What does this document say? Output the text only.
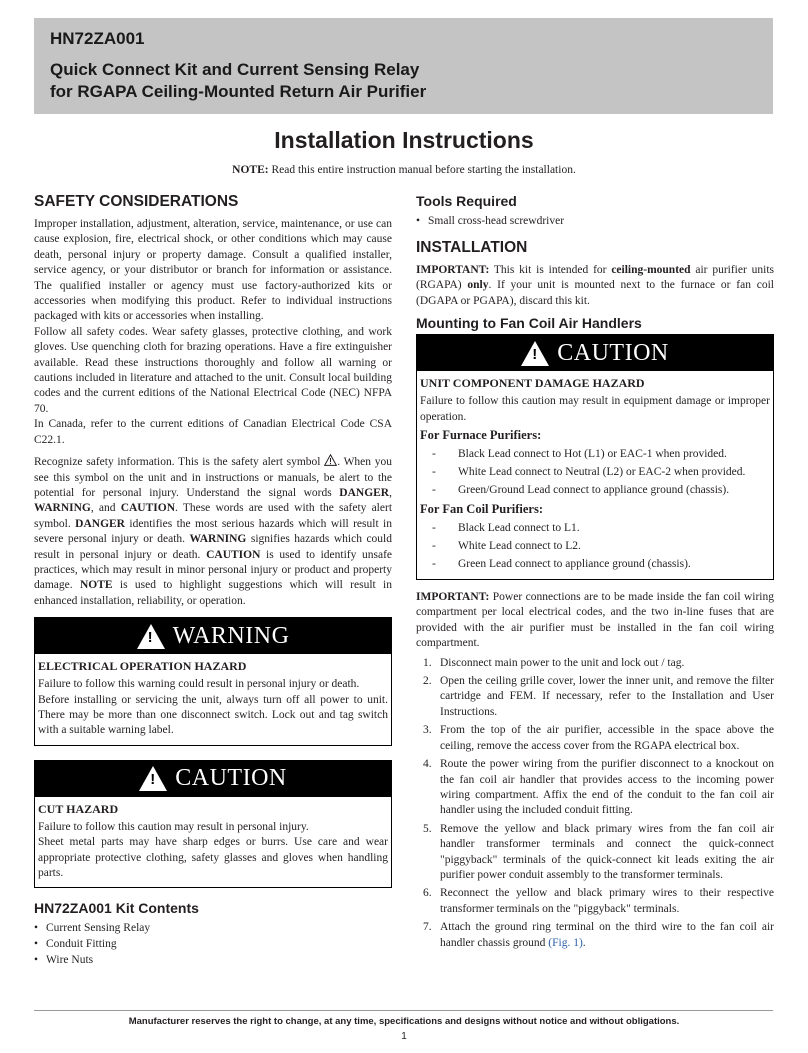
HN72ZA001
Quick Connect Kit and Current Sensing Relay
for RGAPA Ceiling-Mounted Return Air Purifier
Installation Instructions
NOTE: Read this entire instruction manual before starting the installation.
SAFETY CONSIDERATIONS

Improper installation, adjustment, alteration, service, maintenance, or use can cause explosion, fire, electrical shock, or other conditions which may cause death, personal injury or property damage. Consult a qualified installer, service agency, or your distributor or branch for information or assistance. The qualified installer or agency must use factory-authorized kits or accessories when modifying this product. Refer to individual instructions packaged with kits or accessories when installing.

Follow all safety codes. Wear safety glasses, protective clothing, and work gloves. Use quenching cloth for brazing operations. Have a fire extinguisher available. Read these instructions thoroughly and follow all warning or cautions included in literature and attached to the unit. Consult local building codes and the current editions of the National Electrical Code (NEC) NFPA 70.

In Canada, refer to the current editions of Canadian Electrical Code CSA C22.1.

Recognize safety information. This is the safety alert symbol . When you see this symbol on the unit and in instructions or manuals, be alert to the potential for personal injury. Understand the signal words DANGER, WARNING, and CAUTION. These words are used with the safety alert symbol. DANGER identifies the most serious hazards which will result in severe personal injury or death. WARNING signifies hazards which could result in personal injury or death. CAUTION is used to identify unsafe practices, which may result in minor personal injury or product and property damage. NOTE is used to highlight suggestions which will result in enhanced installation, reliability, or operation.

! WARNING
ELECTRICAL OPERATION HAZARD

Failure to follow this warning could result in personal injury or death.

Before installing or servicing the unit, always turn off all power to unit. There may be more than one disconnect switch. Lock out and tag switch with a suitable warning label.

! CAUTION
CUT HAZARD

Failure to follow this caution may result in personal injury.

Sheet metal parts may have sharp edges or burrs. Use care and wear appropriate protective clothing, safety glasses and gloves when handling parts.

HN72ZA001 Kit Contents
• Current Sensing Relay
• Conduit Fitting
• Wire Nuts
Tools Required
• Small cross-head screwdriver
INSTALLATION

IMPORTANT: This kit is intended for ceiling-mounted air purifier units (RGAPA) only. If your unit is mounted next to the furnace or fan coil (DGAPA or PGAPA), discard this kit.

Mounting to Fan Coil Air Handlers
! CAUTION
UNIT COMPONENT DAMAGE HAZARD

Failure to follow this caution may result in equipment damage or improper operation.

For Furnace Purifiers:
- Black Lead connect to Hot (L1) or EAC-1 when provided.
- White Lead connect to Neutral (L2) or EAC-2 when provided.
- Green/Ground Lead connect to appliance ground (chassis).
For Fan Coil Purifiers:
- Black Lead connect to L1.
- White Lead connect to L2.
- Green Lead connect to appliance ground (chassis).

IMPORTANT: Power connections are to be made inside the fan coil wiring compartment per local electrical codes, and the two in-line fuses that are provided with the air purifier must be installed in the fan coil wiring compartment.

1. Disconnect main power to the unit and lock out / tag.
2. Open the ceiling grille cover, lower the inner unit, and remove the filter cartridge and FEM. If necessary, refer to the Installation and User Instructions.
3. From the top of the air purifier, accessible in the space above the ceiling, remove the access cover from the RGAPA electrical box.
4. Route the power wiring from the purifier disconnect to a knockout on the fan coil air handler that provides access to the incoming power wiring compartment. Affix the end of the conduit to the fan coil air handler using the included conduit fitting.
5. Remove the yellow and black primary wires from the fan coil air handler transformer terminals and connect the quick-connect "piggyback" terminals of the quick-connect kit leads exiting the air purifier power conduit assembly to the transformer terminals.
6. Reconnect the yellow and black primary wires to their respective transformer terminals on the "piggyback" terminals.
7. Attach the ground ring terminal on the third wire to the fan coil air handler chassis ground (Fig. 1).
Manufacturer reserves the right to change, at any time, specifications and designs without notice and without obligations.
1
